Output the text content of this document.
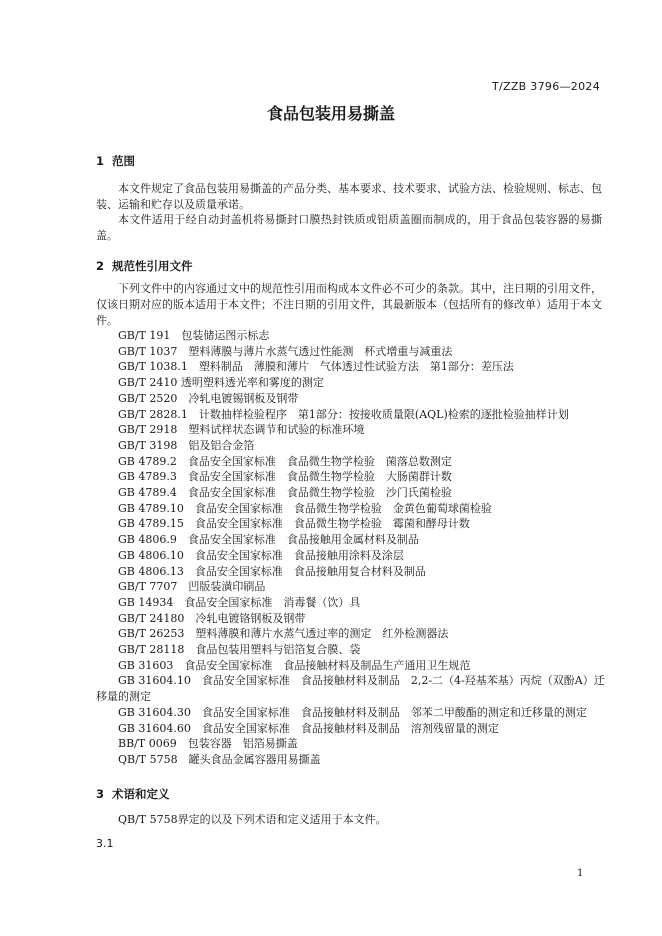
T/ZZB 3796—2024
食品包装用易撕盖
1 范围
本文件规定了食品包装用易撕盖的产品分类、基本要求、技术要求、试验方法、检验规则、标志、包装、运输和贮存以及质量承诺。
本文件适用于经自动封盖机将易撕封口膜热封铁质或铝质盖圈而制成的，用于食品包装容器的易撕盖。
2 规范性引用文件
下列文件中的内容通过文中的规范性引用而构成本文件必不可少的条款。其中，注日期的引用文件，仅该日期对应的版本适用于本文件；不注日期的引用文件，其最新版本（包括所有的修改单）适用于本文件。
GB/T 191　包装储运图示标志
GB/T 1037　塑料薄膜与薄片水蒸气透过性能测　杯式增重与减重法
GB/T 1038.1　塑料制品　薄膜和薄片　气体透过性试验方法　第1部分：差压法
GB/T 2410 透明塑料透光率和雾度的测定
GB/T 2520　冷轧电镀锡钢板及钢带
GB/T 2828.1　计数抽样检验程序　第1部分：按接收质量限(AQL)检索的逐批检验抽样计划
GB/T 2918　塑料试样状态调节和试验的标准环境
GB/T 3198　铝及铝合金箔
GB 4789.2　食品安全国家标准　食品微生物学检验　菌落总数测定
GB 4789.3　食品安全国家标准　食品微生物学检验　大肠菌群计数
GB 4789.4　食品安全国家标准　食品微生物学检验　沙门氏菌检验
GB 4789.10　食品安全国家标准　食品微生物学检验　金黄色葡萄球菌检验
GB 4789.15　食品安全国家标准　食品微生物学检验　霉菌和酵母计数
GB 4806.9　食品安全国家标准　食品接触用金属材料及制品
GB 4806.10　食品安全国家标准　食品接触用涂料及涂层
GB 4806.13　食品安全国家标准　食品接触用复合材料及制品
GB/T 7707　凹版装潢印刷品
GB 14934　食品安全国家标准　消毒餐（饮）具
GB/T 24180　冷轧电镀铬钢板及钢带
GB/T 26253　塑料薄膜和薄片水蒸气透过率的测定　红外检测器法
GB/T 28118　食品包装用塑料与铝箔复合膜、袋
GB 31603　食品安全国家标准　食品接触材料及制品生产通用卫生规范
GB 31604.10　食品安全国家标准　食品接触材料及制品　2,2-二（4-羟基苯基）丙烷（双酚A）迁移量的测定
GB 31604.30　食品安全国家标准　食品接触材料及制品　邻苯二甲酸酯的测定和迁移量的测定
GB 31604.60　食品安全国家标准　食品接触材料及制品　溶剂残留量的测定
BB/T 0069　包装容器　铝箔易撕盖
QB/T 5758　罐头食品金属容器用易撕盖
3 术语和定义
QB/T 5758界定的以及下列术语和定义适用于本文件。
3.1
1
